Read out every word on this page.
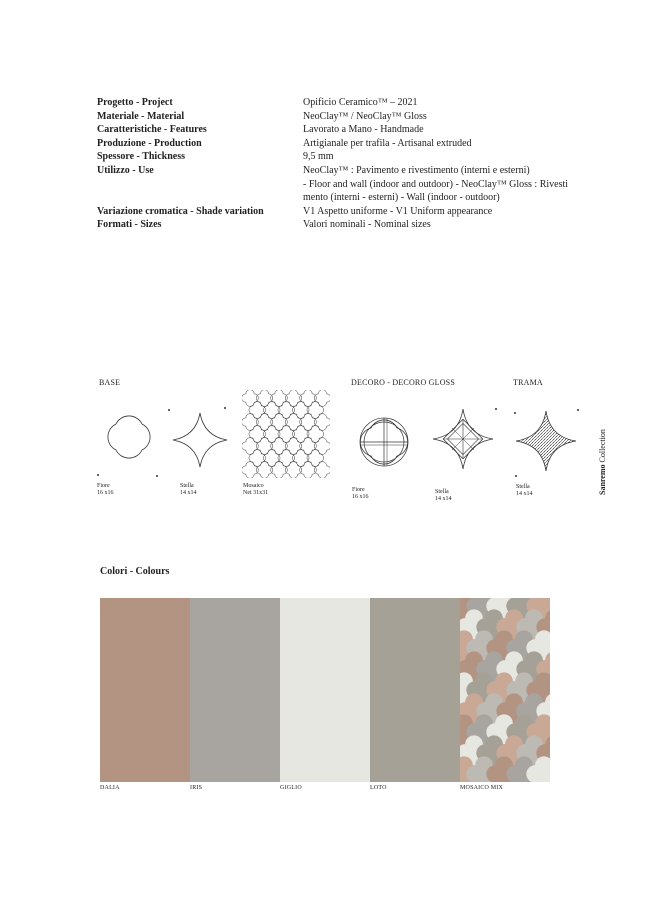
Progetto - Project	Opificio Ceramico™ – 2021
Materiale - Material	NeoClay™ / NeoClay™ Gloss
Caratteristiche - Features	Lavorato a Mano - Handmade
Produzione - Production	Artigianale per trafila - Artisanal extruded
Spessore - Thickness	9,5 mm
Utilizzo - Use	NeoClay™ : Pavimento e rivestimento (interni e esterni)
- Floor and wall (indoor and outdoor) - NeoClay™ Gloss : Rivesti
mento (interni - esterni) - Wall (indoor - outdoor)
Variazione cromatica - Shade variation	V1 Aspetto uniforme - V1 Uniform appearance
Formati - Sizes	Valori nominali - Nominal sizes
BASE	DECORO - DECORO GLOSS	TRAMA
Fiore
16 x16
Stella
14 x14
Mosaico
Net 31x31	Fiore
16 x16
Stella
14 x14
Stella
14 x14	Sanremo Collection
Colori - Colours
DALIA	IRIS	GIGLIO	LOTO	MOSAICO MIX
